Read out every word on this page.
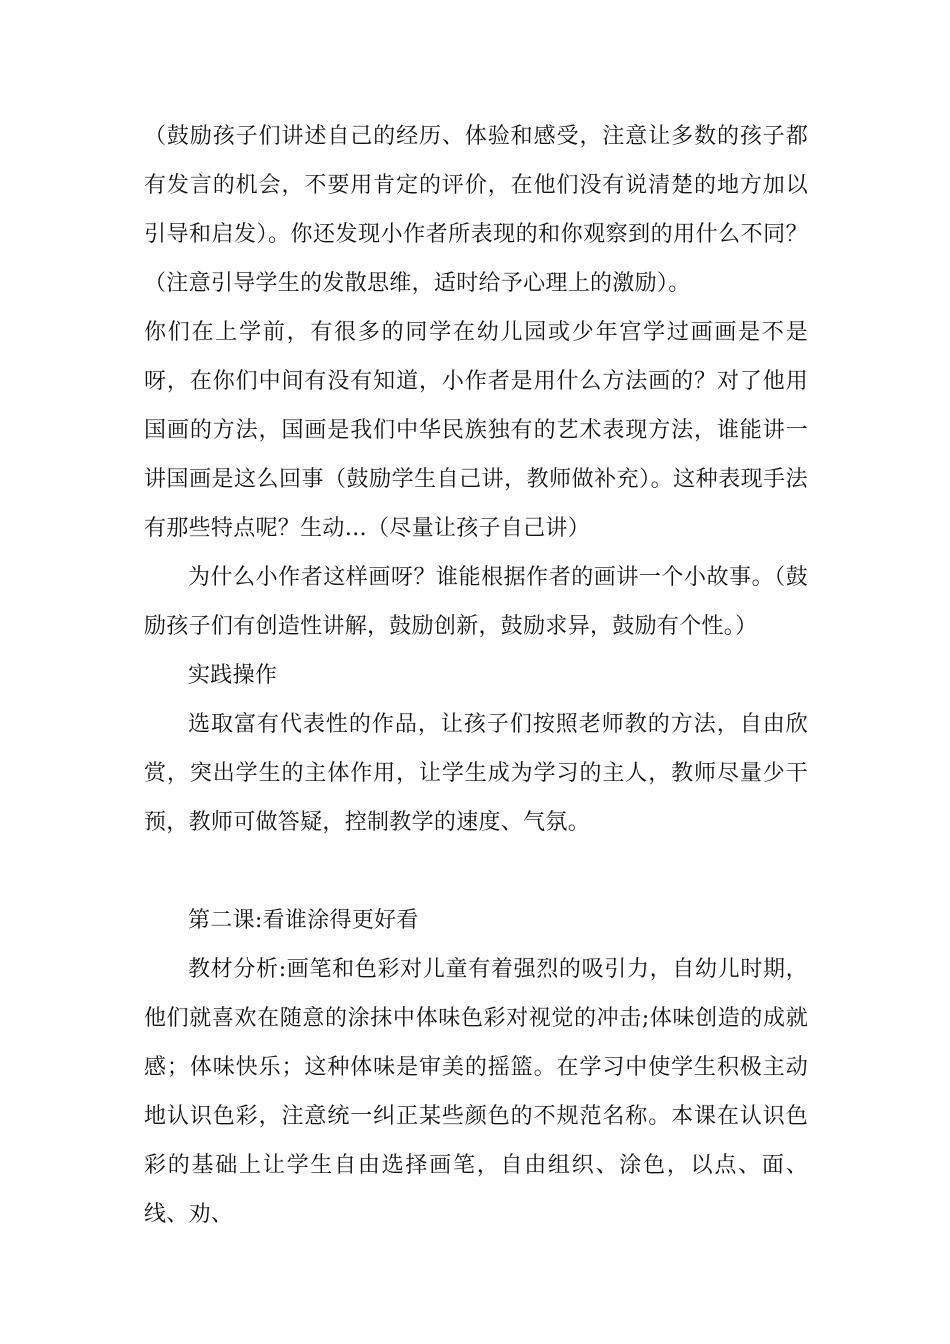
（鼓励孩子们讲述自己的经历、体验和感受，注意让多数的孩子都有发言的机会，不要用肯定的评价，在他们没有说清楚的地方加以引导和启发）。你还发现小作者所表现的和你观察到的用什么不同？（注意引导学生的发散思维，适时给予心理上的激励）。

你们在上学前，有很多的同学在幼儿园或少年宫学过画画是不是呀，在你们中间有没有知道，小作者是用什么方法画的？对了他用国画的方法，国画是我们中华民族独有的艺术表现方法，谁能讲一讲国画是这么回事（鼓励学生自己讲，教师做补充）。这种表现手法有那些特点呢？生动…（尽量让孩子自己讲）

为什么小作者这样画呀？谁能根据作者的画讲一个小故事。（鼓励孩子们有创造性讲解，鼓励创新，鼓励求异，鼓励有个性。）

实践操作

选取富有代表性的作品，让孩子们按照老师教的方法，自由欣赏，突出学生的主体作用，让学生成为学习的主人，教师尽量少干预，教师可做答疑，控制教学的速度、气氛。

第二课:看谁涂得更好看

教材分析:画笔和色彩对儿童有着强烈的吸引力，自幼儿时期，他们就喜欢在随意的涂抹中体味色彩对视觉的冲击;体味创造的成就感；体味快乐；这种体味是审美的摇篮。在学习中使学生积极主动地认识色彩，注意统一纠正某些颜色的不规范名称。本课在认识色彩的基础上让学生自由选择画笔，自由组织、涂色，以点、面、线、劝、
